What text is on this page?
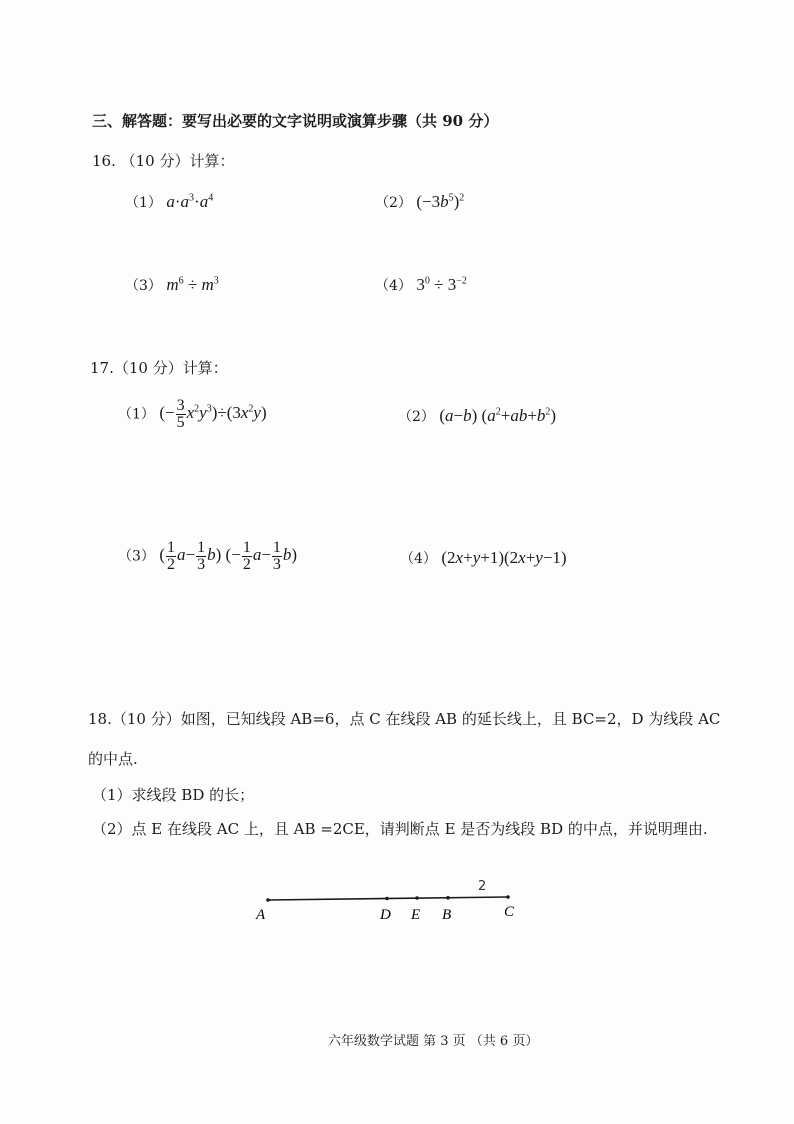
三、解答题：要写出必要的文字说明或演算步骤（共 90 分）
16. （10 分）计算：
（1） $a\cdot a^3\cdot a^4$	（2） $(-3b^5)^2$
（3） $m^6 \div m^3$	（4） $3^0 \div 3^{-2}$
17.（10 分）计算：
（1） (− $\frac{3}{5} x^2y^3)\div(3x^2y)$	（2） (a−b) $(a^2+ab+b^2)$
（3） ( $\frac{1}{2} a- \frac{1}{3} b$) (− $\frac{1}{2} a- \frac{1}{3} b$)	（4） (2x+y+1)(2x+y−1)
18.（10 分）如图，已知线段 AB=6，点 C 在线段 AB 的延长线上，且 BC=2，D 为线段 AC
的中点.
（1）求线段 BD 的长；
（2）点 E 在线段 AC 上，且 AB =2CE，请判断点 E 是否为线段 BD 的中点，并说明理由.
A	D E B	C
2
六年级数学试题 第 3 页 （共 6 页）
